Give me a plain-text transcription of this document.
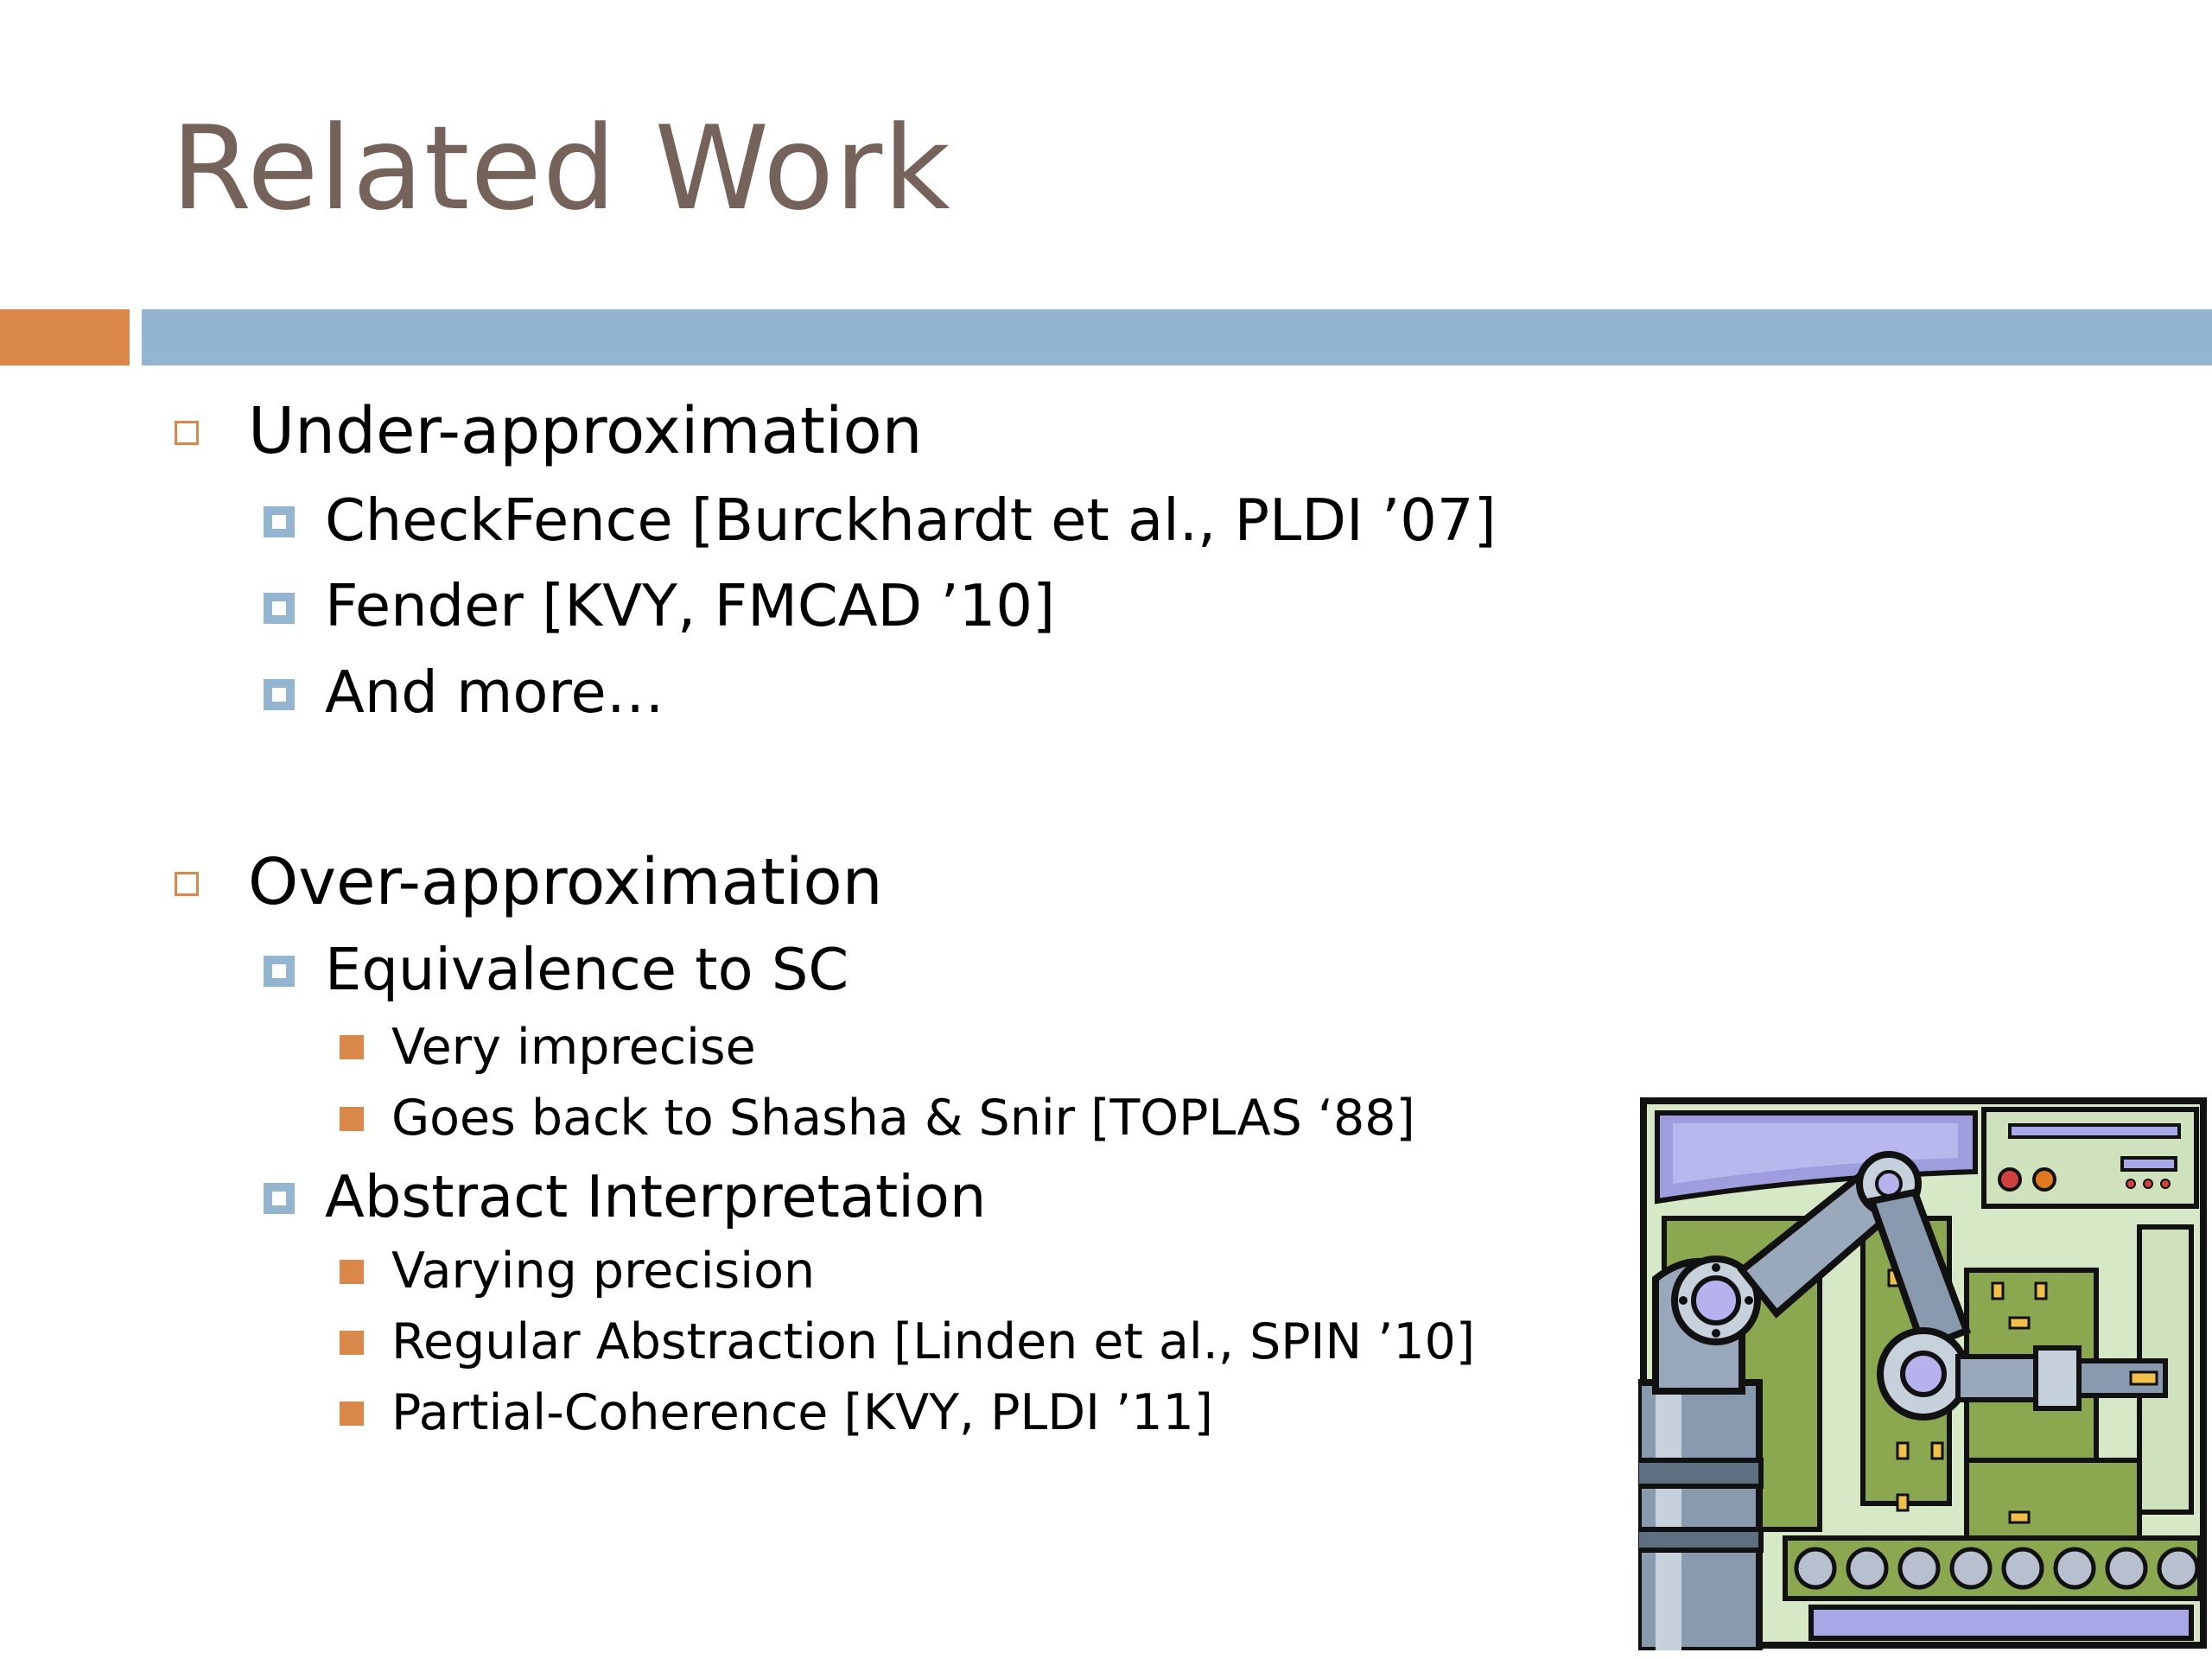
Related Work
Under-approximation
CheckFence [Burckhardt et al., PLDI ’07]
Fender [KVY, FMCAD ’10]
And more…
Over-approximation
Equivalence to SC
Very imprecise
Goes back to Shasha & Snir [TOPLAS ‘88]
Abstract Interpretation
Varying precision
Regular Abstraction [Linden et al., SPIN ’10]
Partial-Coherence [KVY, PLDI ’11]
